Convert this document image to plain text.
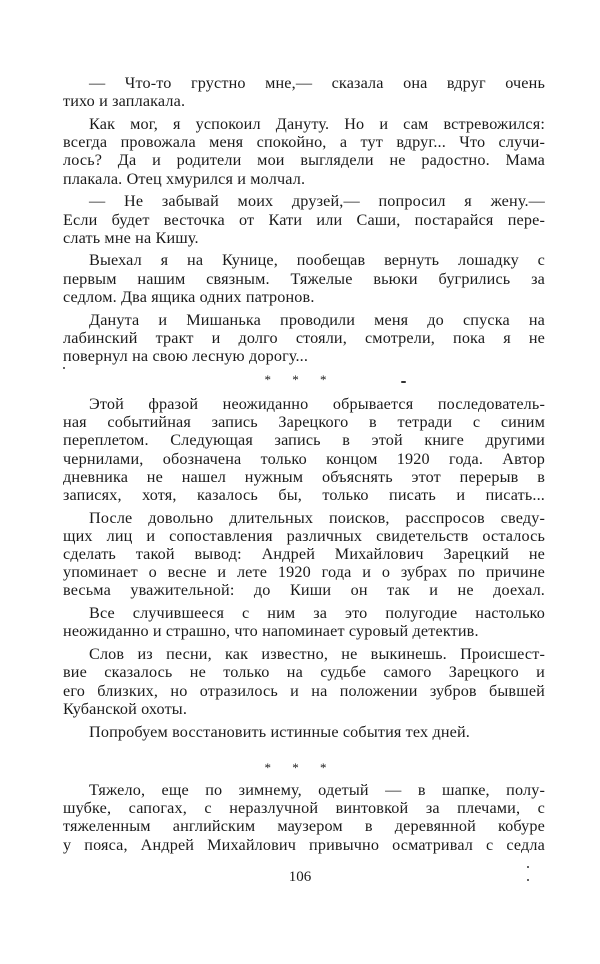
— Что-то грустно мне,— сказала она вдруг очень
тихо и заплакала.
Как мог, я успокоил Дануту. Но и сам встревожился:
всегда провожала меня спокойно, а тут вдруг... Что случи-
лось? Да и родители мои выглядели не радостно. Мама
плакала. Отец хмурился и молчал.
— Не забывай моих друзей,— попросил я жену.—
Если будет весточка от Кати или Саши, постарайся пере-
слать мне на Кишу.
Выехал я на Кунице, пообещав вернуть лошадку с
первым нашим связным. Тяжелые вьюки бугрились за
седлом. Два ящика одних патронов.
Данута и Мишанька проводили меня до спуска на
лабинский тракт и долго стояли, смотрели, пока я не
повернул на свою лесную дорогу...
* * *
Этой фразой неожиданно обрывается последователь-
ная событийная запись Зарецкого в тетради с синим
переплетом. Следующая запись в этой книге другими
чернилами, обозначена только концом 1920 года. Автор
дневника не нашел нужным объяснять этот перерыв в
записях, хотя, казалось бы, только писать и писать...
После довольно длительных поисков, расспросов сведу-
щих лиц и сопоставления различных свидетельств осталось
сделать такой вывод: Андрей Михайлович Зарецкий не
упоминает о весне и лете 1920 года и о зубрах по причине
весьма уважительной: до Киши он так и не доехал.
Все случившееся с ним за это полугодие настолько
неожиданно и страшно, что напоминает суровый детектив.
Слов из песни, как известно, не выкинешь. Происшест-
вие сказалось не только на судьбе самого Зарецкого и
его близких, но отразилось и на положении зубров бывшей
Кубанской охоты.
Попробуем восстановить истинные события тех дней.
* * *
Тяжело, еще по зимнему, одетый — в шапке, полу-
шубке, сапогах, с неразлучной винтовкой за плечами, с
тяжеленным английским маузером в деревянной кобуре
у пояса, Андрей Михайлович привычно осматривал с седла
106
